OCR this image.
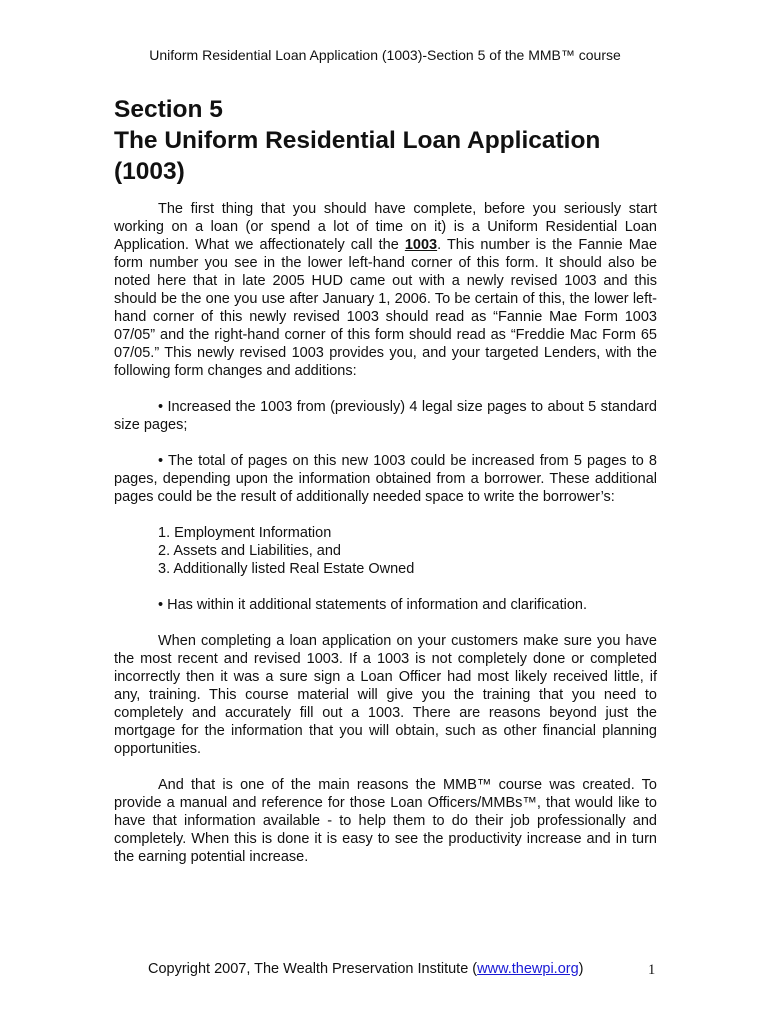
Uniform Residential Loan Application (1003)-Section 5 of the MMB™ course
Section 5
The Uniform Residential Loan Application
(1003)

The first thing that you should have complete, before you seriously start working on a loan (or spend a lot of time on it) is a Uniform Residential Loan Application. What we affectionately call the 1003. This number is the Fannie Mae form number you see in the lower left-hand corner of this form. It should also be noted here that in late 2005 HUD came out with a newly revised 1003 and this should be the one you use after January 1, 2006. To be certain of this, the lower left-hand corner of this newly revised 1003 should read as “Fannie Mae Form 1003 07/05” and the right-hand corner of this form should read as “Freddie Mac Form 65 07/05.” This newly revised 1003 provides you, and your targeted Lenders, with the following form changes and additions:

• Increased the 1003 from (previously) 4 legal size pages to about 5 standard size pages;

• The total of pages on this new 1003 could be increased from 5 pages to 8 pages, depending upon the information obtained from a borrower. These additional pages could be the result of additionally needed space to write the borrower’s:

1. Employment Information
2. Assets and Liabilities, and
3. Additionally listed Real Estate Owned

• Has within it additional statements of information and clarification.

When completing a loan application on your customers make sure you have the most recent and revised 1003. If a 1003 is not completely done or completed incorrectly then it was a sure sign a Loan Officer had most likely received little, if any, training. This course material will give you the training that you need to completely and accurately fill out a 1003. There are reasons beyond just the mortgage for the information that you will obtain, such as other financial planning opportunities.

And that is one of the main reasons the MMB™ course was created. To provide a manual and reference for those Loan Officers/MMBs™, that would like to have that information available - to help them to do their job professionally and completely. When this is done it is easy to see the productivity increase and in turn the earning potential increase.

Copyright 2007, The Wealth Preservation Institute (www.thewpi.org)	1
